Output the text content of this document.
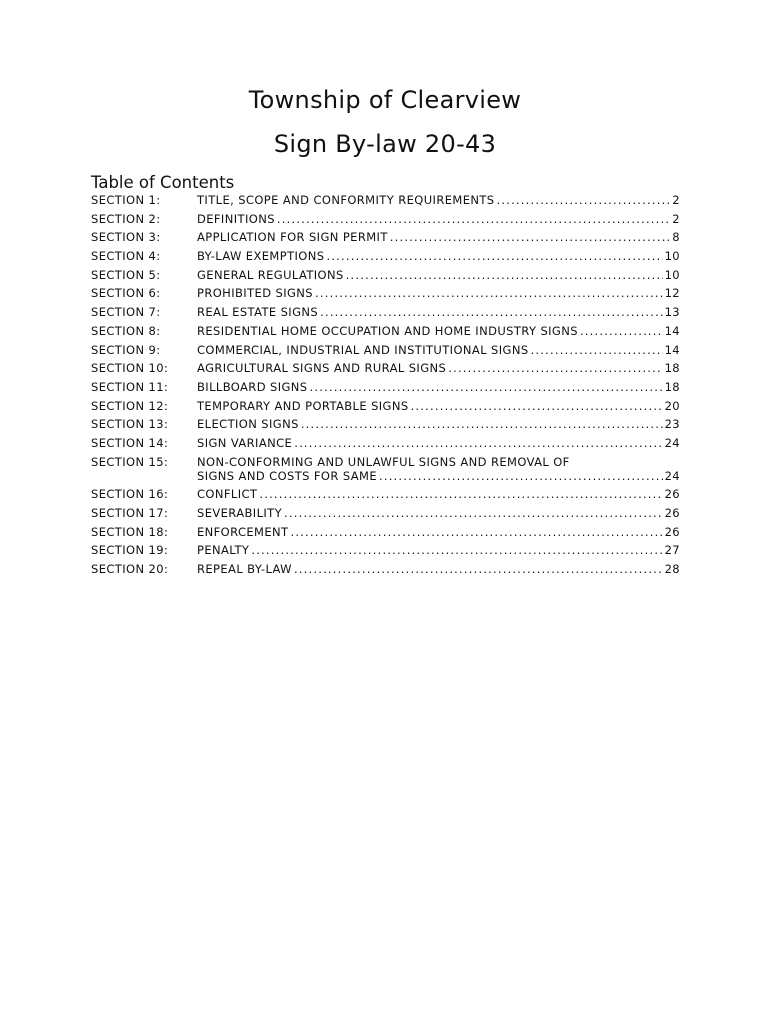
Township of Clearview
Sign By-law 20-43
Table of Contents
SECTION 1:	TITLE, SCOPE AND CONFORMITY REQUIREMENTS .....	2
SECTION 2:	DEFINITIONS .....	2
SECTION 3:	APPLICATION FOR SIGN PERMIT .....	8
SECTION 4:	BY-LAW EXEMPTIONS .....	10
SECTION 5:	GENERAL REGULATIONS .....	10
SECTION 6:	PROHIBITED SIGNS .....	12
SECTION 7:	REAL ESTATE SIGNS .....	13
SECTION 8:	RESIDENTIAL HOME OCCUPATION AND HOME INDUSTRY SIGNS .....	14
SECTION 9:	COMMERCIAL, INDUSTRIAL AND INSTITUTIONAL SIGNS .....	14
SECTION 10:	AGRICULTURAL SIGNS AND RURAL SIGNS .....	18
SECTION 11:	BILLBOARD SIGNS .....	18
SECTION 12:	TEMPORARY AND PORTABLE SIGNS .....	20
SECTION 13:	ELECTION SIGNS .....	23
SECTION 14:	SIGN VARIANCE .....	24
SECTION 15:	NON-CONFORMING AND UNLAWFUL SIGNS AND REMOVAL OF
SIGNS AND COSTS FOR SAME .....	24
SECTION 16:	CONFLICT .....	26
SECTION 17:	SEVERABILITY .....	26
SECTION 18:	ENFORCEMENT .....	26
SECTION 19:	PENALTY .....	27
SECTION 20:	REPEAL BY-LAW .....	28
